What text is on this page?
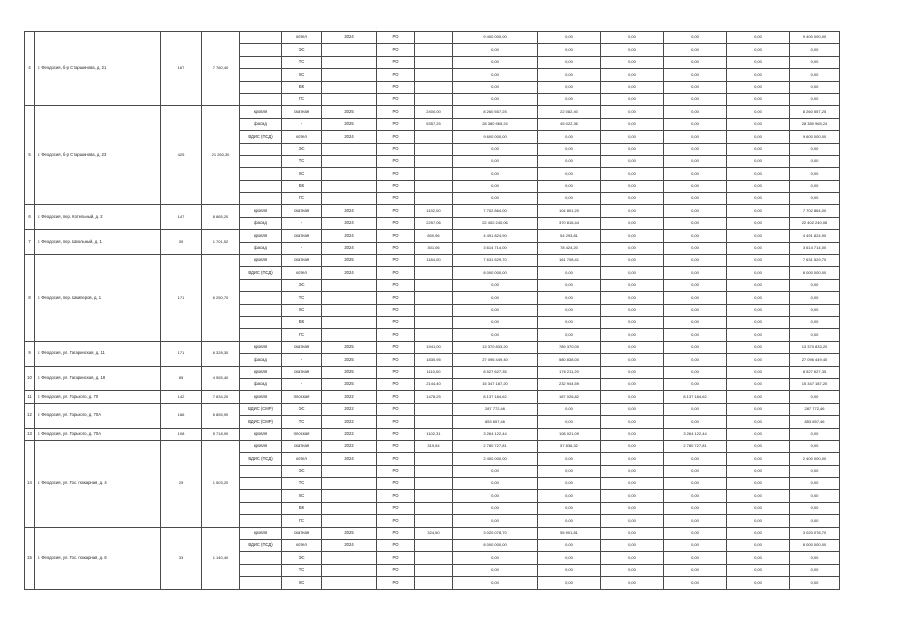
4	г. Феодосия, б-р Старшинова, д. 21	167	7 760,40		котел	2024	РО		9 400 000,00	0,00	0,00	0,00	0,00	9 400 000,00
					ЭС		РО		0,00	0,00	0,00	0,00	0,00	0,00
					ТС		РО		0,00	0,00	0,00	0,00	0,00	0,00
					ХС		РО		0,00	0,00	0,00	0,00	0,00	0,00
					ВК		РО		0,00	0,00	0,00	0,00	0,00	0,00
					ГС		РО		0,00	0,00	0,00	0,00	0,00	0,00
5	г. Феодосия, б-р Старшинова, д. 23	425	21 260,30	кровля	скатная	2025	РО	2400,00	8 260 557,25	22 082,40	0,00	0,00	0,00	8 260 557,25
				фасад	-	2025	РО	5357,25	28 380 965,24	45 022,36	0,00	0,00	0,00	28 380 965,24
				ВДИС (ПСД)	котел	2024	РО		9 600 000,00	0,00	0,00	0,00	0,00	9 600 000,00
					ЭС		РО		0,00	0,00	0,00	0,00	0,00	0,00
					ТС		РО		0,00	0,00	0,00	0,00	0,00	0,00
					ХС		РО		0,00	0,00	0,00	0,00	0,00	0,00
					ВК		РО		0,00	0,00	0,00	0,00	0,00	0,00
					ГС		РО		0,00	0,00	0,00	0,00	0,00	0,00
6	г. Феодосия, пер. Котельный, д. 2	147	8 865,20	кровля	скатная	2024	РО	1192,00	7 702 864,00	104 801,20	0,00	0,00	0,00	7 702 864,00
				фасад	-	2024	РО	2257,06	22 402 240,06	370 816,44	0,00	0,00	0,00	22 402 240,06
7	г. Феодосия, пер. Школьный, д. 1	39	1 701,52	кровля	скатная	2024	РО	800,96	4 491 824,90	54 293,81	0,00	0,00	0,00	4 491 824,90
				фасад	-	2024	РО	301,06	3 614 714,00	78 424,20	0,00	0,00	0,00	3 614 714,00
8	г. Феодосия, пер. Шкиперов, д. 1	171	6 250,70	кровля	скатная	2025	РО	1184,00	7 631 529,70	161 708,41	0,00	0,00	0,00	7 631 529,70
				ВДИС (ПСД)	котел	2024	РО		8 000 000,00	0,00	0,00	0,00	0,00	8 000 000,00
					ЭС		РО		0,00	0,00	0,00	0,00	0,00	0,00
					ТС		РО		0,00	0,00	0,00	0,00	0,00	0,00
					ХС		РО		0,00	0,00	0,00	0,00	0,00	0,00
					ВК		РО		0,00	0,00	0,00	0,00	0,00	0,00
					ГС		РО		0,00	0,00	0,00	0,00	0,00	0,00
9	г. Феодосия, ул. Гагаринская, д. 11	171	6 328,30	кровля	скатная	2025	РО	1941,00	13 370 833,20	789 370,00	0,00	0,00	0,00	13 370 833,20
				фасад	-	2025	РО	1830,95	27 096 449,40	580 838,00	0,00	0,00	0,00	27 096 449,40
10	г. Феодосия, ул. Гагаринская, д. 18	85	4 555,40	кровля	скатная	2025	РО	1110,00	8 527 627,35	176 211,20	0,00	0,00	0,00	8 527 627,35
				фасад	-	2025	РО	2144,40	15 347 187,20	232 944,59	0,00	0,00	0,00	15 347 187,20
11	г. Феодосия, ул. Горького, д. 70	142	7 834,20	кровля	плоская	2022	РО	1478,25	8 137 184,62	187 026,82	0,00	8 137 184,62	0,00	0,00
12	г. Феодосия, ул. Горького, д. 70А	186	6 855,90	ВДИС (СМР)	ЭС	2022	РО		287 772,46	0,00	0,00	0,00	0,00	287 772,46
				ВДИС (СМР)	ТС	2022	РО		853 657,46	0,00	0,00	0,00	0,00	853 657,46
13	г. Феодосия, ул. Горького, д. 70А	108	5 718,90	кровля	плоская	2022	РО	1102,31	3 264 122,44	108 021,09	0,00	3 264 122,44	0,00	0,00
14	г. Феодосия, ул. Гос. пожарная, д. 4	29	1 503,20	кровля	скатная	2022	РО	319,54	2 780 727,81	57 836,32	0,00	2 780 727,81	0,00	0,00
				ВДИС (ПСД)	котел	2024	РО		2 400 000,00	0,00	0,00	0,00	0,00	2 400 000,00
					ЭС		РО		0,00	0,00	0,00	0,00	0,00	0,00
					ТС		РО		0,00	0,00	0,00	0,00	0,00	0,00
					ХС		РО		0,00	0,00	0,00	0,00	0,00	0,00
					ВК		РО		0,00	0,00	0,00	0,00	0,00	0,00
					ГС		РО		0,00	0,00	0,00	0,00	0,00	0,00
15	г. Феодосия, ул. Гос. пожарная, д. 6	33	1 140,40	кровля	скатная	2025	РО	324,50	3 020 078,70	55 901,81	0,00	0,00	0,00	3 020 078,70
				ВДИС (ПСД)	котел	2024	РО		8 000 000,00	0,00	0,00	0,00	0,00	8 000 000,00
					ЭС		РО		0,00	0,00	0,00	0,00	0,00	0,00
					ТС		РО		0,00	0,00	0,00	0,00	0,00	0,00
					ХС		РО		0,00	0,00	0,00	0,00	0,00	0,00
.
